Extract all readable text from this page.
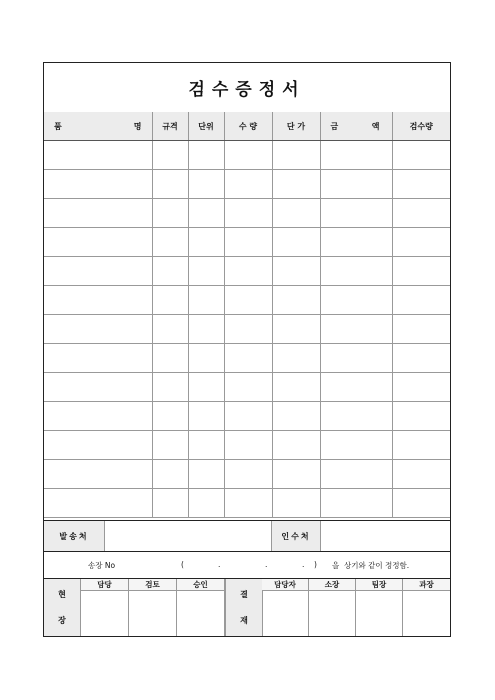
검수증정서
품 명	규격	단위	수 량	단 가	금 액	검수량

발송처	인수처
송장 No	(	.	.	. ) 을  상기와 같이 정정함.
현
장
담당	검토	승인
결
재
담당자	소장	팀장	과장
